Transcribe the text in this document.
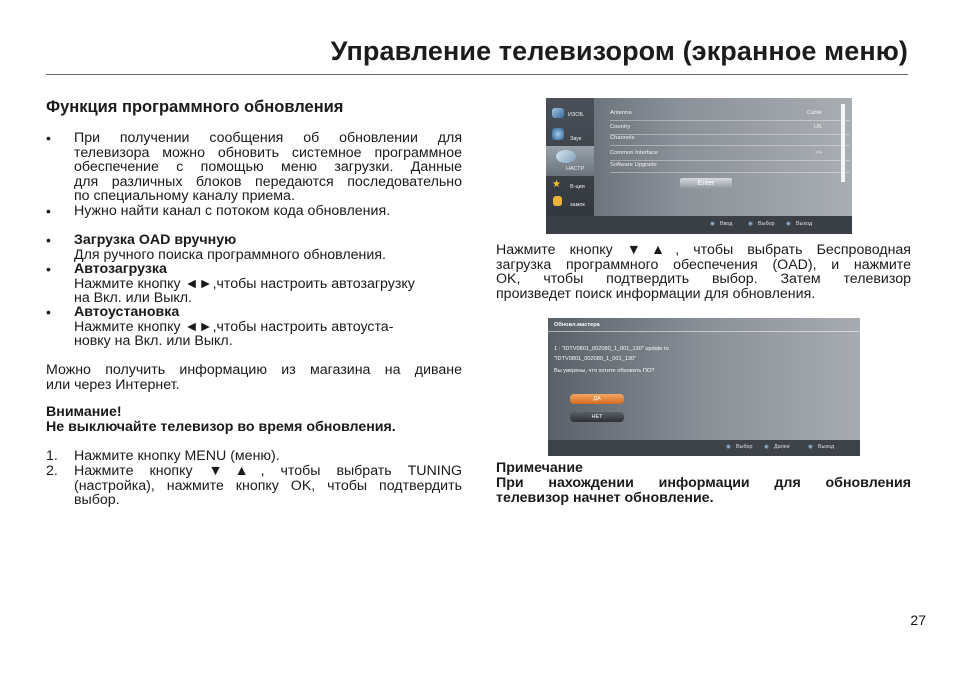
Управление телевизором (экранное меню)
Функция программного обновления
• При получении сообщения об обновлении для
телевизора можно обновить системное программное
обеспечение с помощью меню загрузки. Данные
для различных блоков передаются последовательно
по специальному каналу приема.
• Нужно найти канал с потоком кода обновления.
• Загрузка OAD вручную
Для ручного поиска программного обновления.
• Автозагрузка
Нажмите кнопку ◄►,чтобы настроить автозагрузку
на Вкл. или Выкл.
• Автоустановка
Нажмите кнопку ◄►,чтобы настроить автоуста-
новку на Вкл. или Выкл.
Можно получить информацию из магазина на диване
или через Интернет.
Внимание!
Не выключайте телевизор во время обновления.
1. Нажмите кнопку MENU (меню).
2. Нажмите кнопку ▼▲, чтобы выбрать TUNING
(настройка), нажмите кнопку OK, чтобы подтвердить
выбор.
Нажмите кнопку ▼▲, чтобы выбрать Беспроводная
загрузка программного обеспечения (OAD), и нажмите
OK, чтобы подтвердить выбор. Затем телевизор
произведет поиск информации для обновления.
Примечание
При нахождении информации для обновления
телевизор начнет обновление.
ИЗОБ.
Звук
НАСТР.
★ В-ция
замок
Antenna	Cable
Country	UK
Channels
Common Interface	>>
Software Upgrade
Enter
◉ Ввод	◉ Выбор ◉ Выход
Обновл.мастера
1 : "IDTV0801_002080_1_001_130" update to
"IDTV0801_002080_1_001_130"
Вы уверены, что хотите обновить ПО?
ДА
НЕТ
◉ Выбор ◉ Далее	◉ Выход
27
